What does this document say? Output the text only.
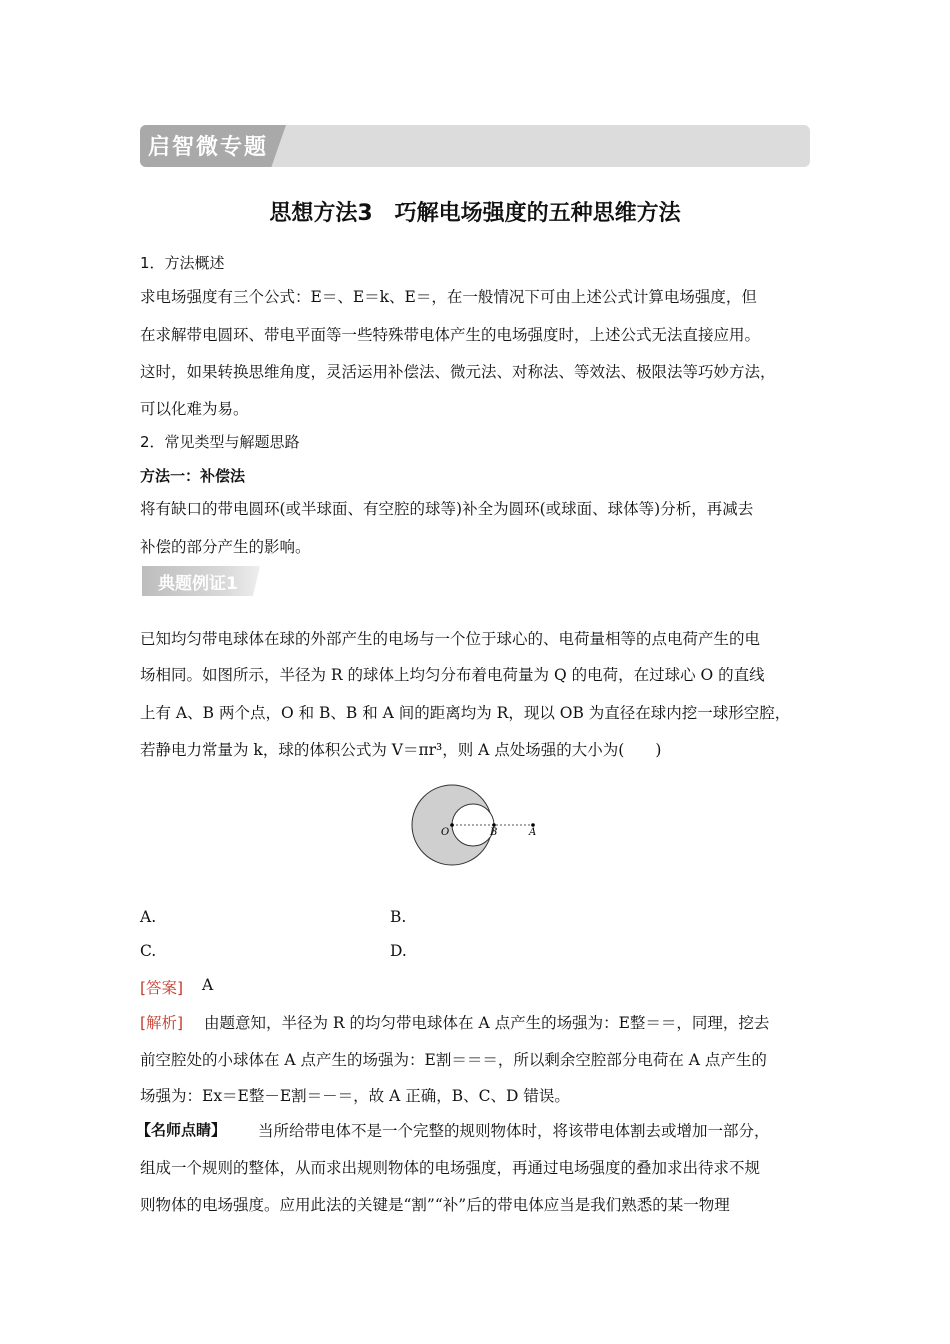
启智微专题
思想方法3　巧解电场强度的五种思维方法
1．方法概述
求电场强度有三个公式：E＝、E＝k、E＝，在一般情况下可由上述公式计算电场强度，但
在求解带电圆环、带电平面等一些特殊带电体产生的电场强度时，上述公式无法直接应用。
这时，如果转换思维角度，灵活运用补偿法、微元法、对称法、等效法、极限法等巧妙方法，
可以化难为易。
2．常见类型与解题思路
方法一：补偿法
将有缺口的带电圆环(或半球面、有空腔的球等)补全为圆环(或球面、球体等)分析，再减去
补偿的部分产生的影响。
典题例证1
已知均匀带电球体在球的外部产生的电场与一个位于球心的、电荷量相等的点电荷产生的电
场相同。如图所示，半径为 R 的球体上均匀分布着电荷量为 Q 的电荷，在过球心 O 的直线
上有 A、B 两个点，O 和 B、B 和 A 间的距离均为 R，现以 OB 为直径在球内挖一球形空腔，
若静电力常量为 k，球的体积公式为 V＝πr³，则 A 点处场强的大小为(　　)
O	B	A
A.	B.
C.	D.
[答案] A
[解析] 由题意知，半径为 R 的均匀带电球体在 A 点产生的场强为：E整＝＝，同理，挖去
前空腔处的小球体在 A 点产生的场强为：E割＝＝＝，所以剩余空腔部分电荷在 A 点产生的
场强为：Ex＝E整－E割＝－＝，故 A 正确，B、C、D 错误。
【名师点睛】 当所给带电体不是一个完整的规则物体时，将该带电体割去或增加一部分，
组成一个规则的整体，从而求出规则物体的电场强度，再通过电场强度的叠加求出待求不规
则物体的电场强度。应用此法的关键是“割”“补”后的带电体应当是我们熟悉的某一物理
